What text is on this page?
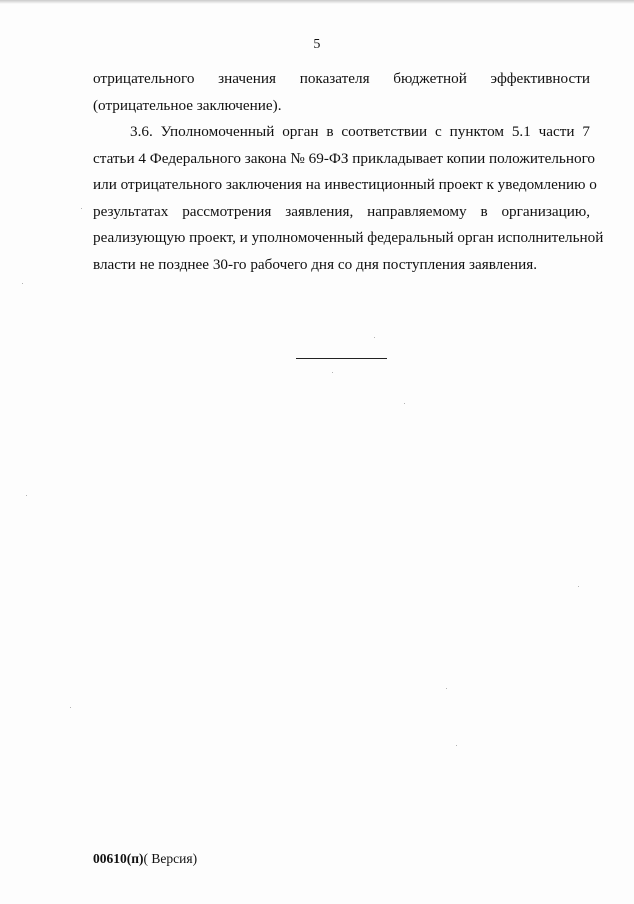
5
отрицательного значения показателя бюджетной эффективности
(отрицательное заключение).
3.6. Уполномоченный орган в соответствии с пунктом 5.1 части 7
статьи 4 Федерального закона № 69-ФЗ прикладывает копии положительного
или отрицательного заключения на инвестиционный проект к уведомлению о
результатах рассмотрения заявления, направляемому в организацию,
реализующую проект, и уполномоченный федеральный орган исполнительной
власти не позднее 30-го рабочего дня со дня поступления заявления.
00610(п)( Версия)
